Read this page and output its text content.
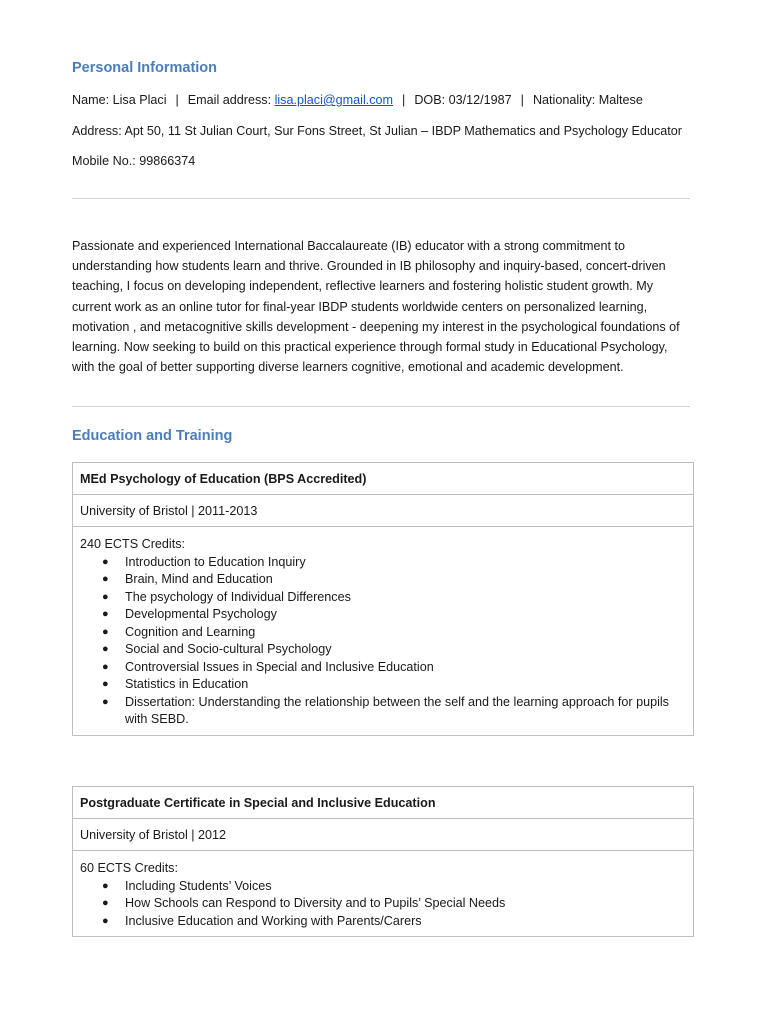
Personal Information
Name: Lisa Placi | Email address: lisa.placi@gmail.com | DOB: 03/12/1987 | Nationality: Maltese
Address: Apt 50, 11 St Julian Court, Sur Fons Street, St Julian – IBDP Mathematics and Psychology Educator
Mobile No.: 99866374

Passionate and experienced International Baccalaureate (IB) educator with a strong commitment to

understanding how students learn and thrive. Grounded in IB philosophy and inquiry-based, concert-driven

teaching, I focus on developing independent, reflective learners and fostering holistic student growth. My

current work as an online tutor for final-year IBDP students worldwide centers on personalized learning,

motivation , and metacognitive skills development - deepening my interest in the psychological foundations of

learning. Now seeking to build on this practical experience through formal study in Educational Psychology,

with the goal of better supporting diverse learners cognitive, emotional and academic development.

Education and Training
MEd Psychology of Education (BPS Accredited)
University of Bristol | 2011-2013
240 ECTS Credits:
● Introduction to Education Inquiry
● Brain, Mind and Education
● The psychology of Individual Differences
● Developmental Psychology
● Cognition and Learning
● Social and Socio-cultural Psychology
● Controversial Issues in Special and Inclusive Education
● Statistics in Education
● Dissertation: Understanding the relationship between the self and the learning approach for pupils
with SEBD.
Postgraduate Certificate in Special and Inclusive Education
University of Bristol | 2012
60 ECTS Credits:
● Including Students’ Voices
● How Schools can Respond to Diversity and to Pupils’ Special Needs
● Inclusive Education and Working with Parents/Carers
